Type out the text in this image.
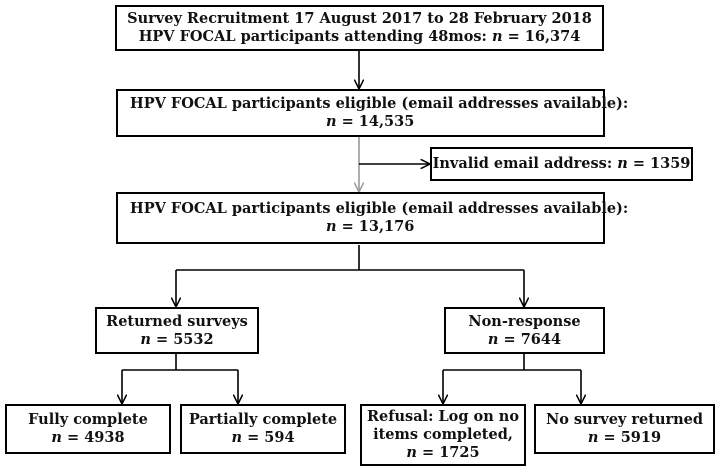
Survey Recruitment 17 August 2017 to 28 February 2018
HPV FOCAL participants attending 48mos: n = 16,374
HPV FOCAL participants eligible (email addresses available):
n = 14,535
Invalid email address: n = 1359
HPV FOCAL participants eligible (email addresses available):
n = 13,176
Returned surveys
n = 5532
Non-response
n = 7644
Fully complete
n = 4938
Partially complete
n = 594
Refusal: Log on no
items completed,
n = 1725
No survey returned
n = 5919
